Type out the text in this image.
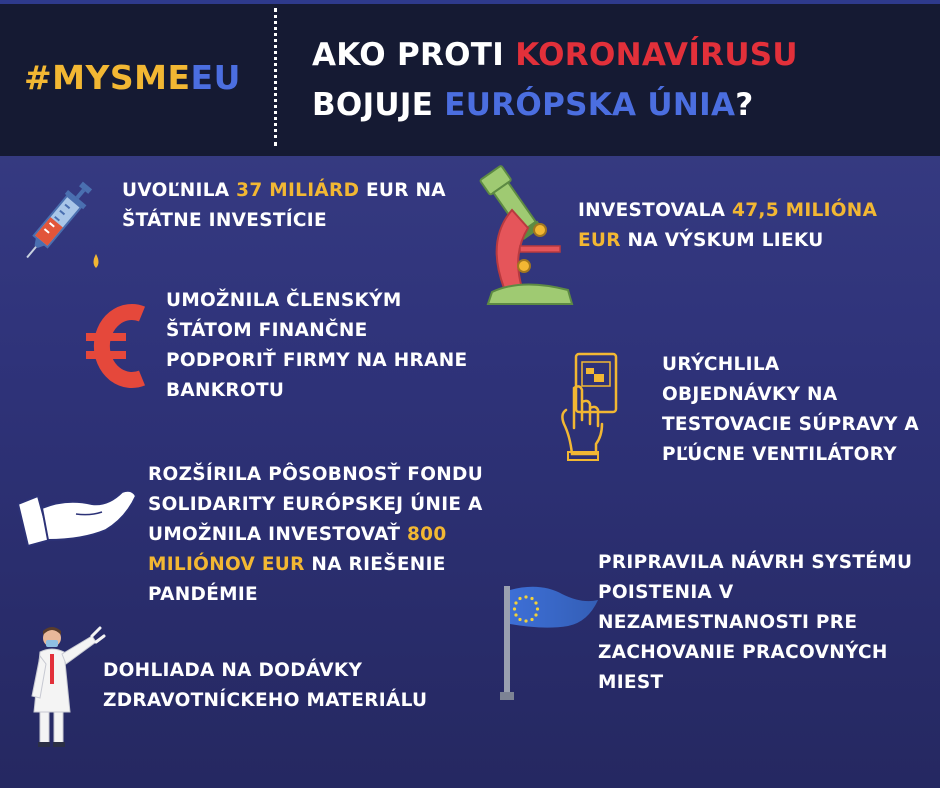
#MYSMEEU
AKO PROTI KORONAVÍRUSU
BOJUJE EURÓPSKA ÚNIA?
UVOĽNILA 37 MILIÁRD EUR NA
ŠTÁTNE INVESTÍCIE	INVESTOVALA 47,5 MILIÓNA
EUR NA VÝSKUM LIEKU
UMOŽNILA ČLENSKÝM
ŠTÁTOM FINANČNE
PODPORIŤ FIRMY NA HRANE
BANKROTU
URÝCHLILA
OBJEDNÁVKY NA
TESTOVACIE SÚPRAVY A
PĽÚCNE VENTILÁTORY
ROZŠÍRILA PÔSOBNOSŤ FONDU
SOLIDARITY EURÓPSKEJ ÚNIE A
UMOŽNILA INVESTOVAŤ 800
MILIÓNOV EUR NA RIEŠENIE
PANDÉMIE
PRIPRAVILA NÁVRH SYSTÉMU
POISTENIA V
NEZAMESTNANOSTI PRE
ZACHOVANIE PRACOVNÝCH
MIEST
DOHLIADA NA DODÁVKY
ZDRAVOTNÍCKEHO MATERIÁLU
